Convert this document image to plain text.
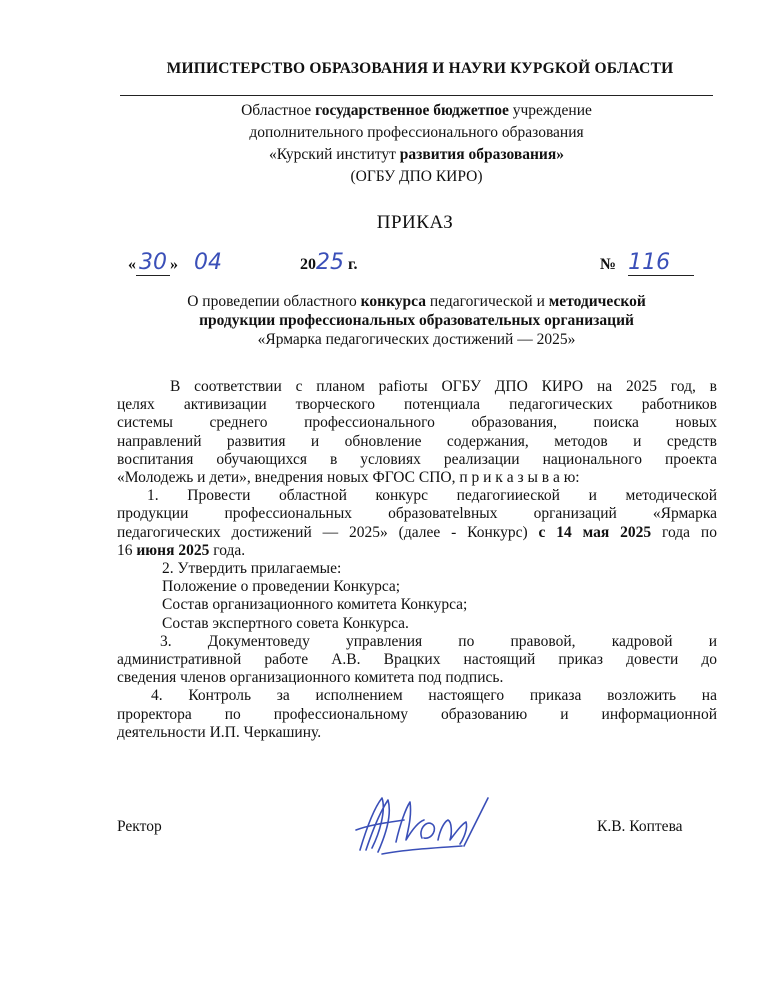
МИПИСТЕРСТВО ОБРАЗОВАНИЯ И НАУRИ КУPGКОЙ ОБЛАСТИ
Областное государственное бюджетпое учреждение
дополнительного профессионального образования
«Курский институт развития образования»
(ОГБУ ДПО КИРО)
ПРИКАЗ
« 30 » 04	2025 г.	№ 116
О проведепии областного конкурса педагогической и методической
продукции профессиональных образовательных организаций
«Ярмарка педагогических достижений — 2025»

В соответствии с планом раfioты ОГБУ ДПО КИРО на 2025 год, в

целях активизации творческого потенциала педагогических работников

системы среднего профессионального образования, поиска новых

направлений развития и обновление содержания, методов и средств

воспитания обучающихся в условиях реализации национального проекта

«Молодежь и дети», внедрения новых ФГОС СПО, п р и к а з ы в а ю:

1. Провести областной конкурс педагогииеской и методической

продукции профессиональных образоватеlвных организаций «Ярмарка

педагогических достижений — 2025» (далее - Конкурс) с 14 мая 2025 года по

16 июня 2025 года.

2. Утвердить прилагаемые:

Положение о проведении Конкурса;

Состав организационного комитета Конкурса;

Состав экспертного совета Конкурса.

3. Документоведу управления по правовой, кадровой и

административной работе А.В. Врацких настоящий приказ довести до

сведения членов организационного комитета под подпись.

4. Контроль за исполнением настоящего приказа возложить на

проректора по профессиональному образованию и информационной

деятельности И.П. Черкашину.

Ректор	К.В. Коптева
